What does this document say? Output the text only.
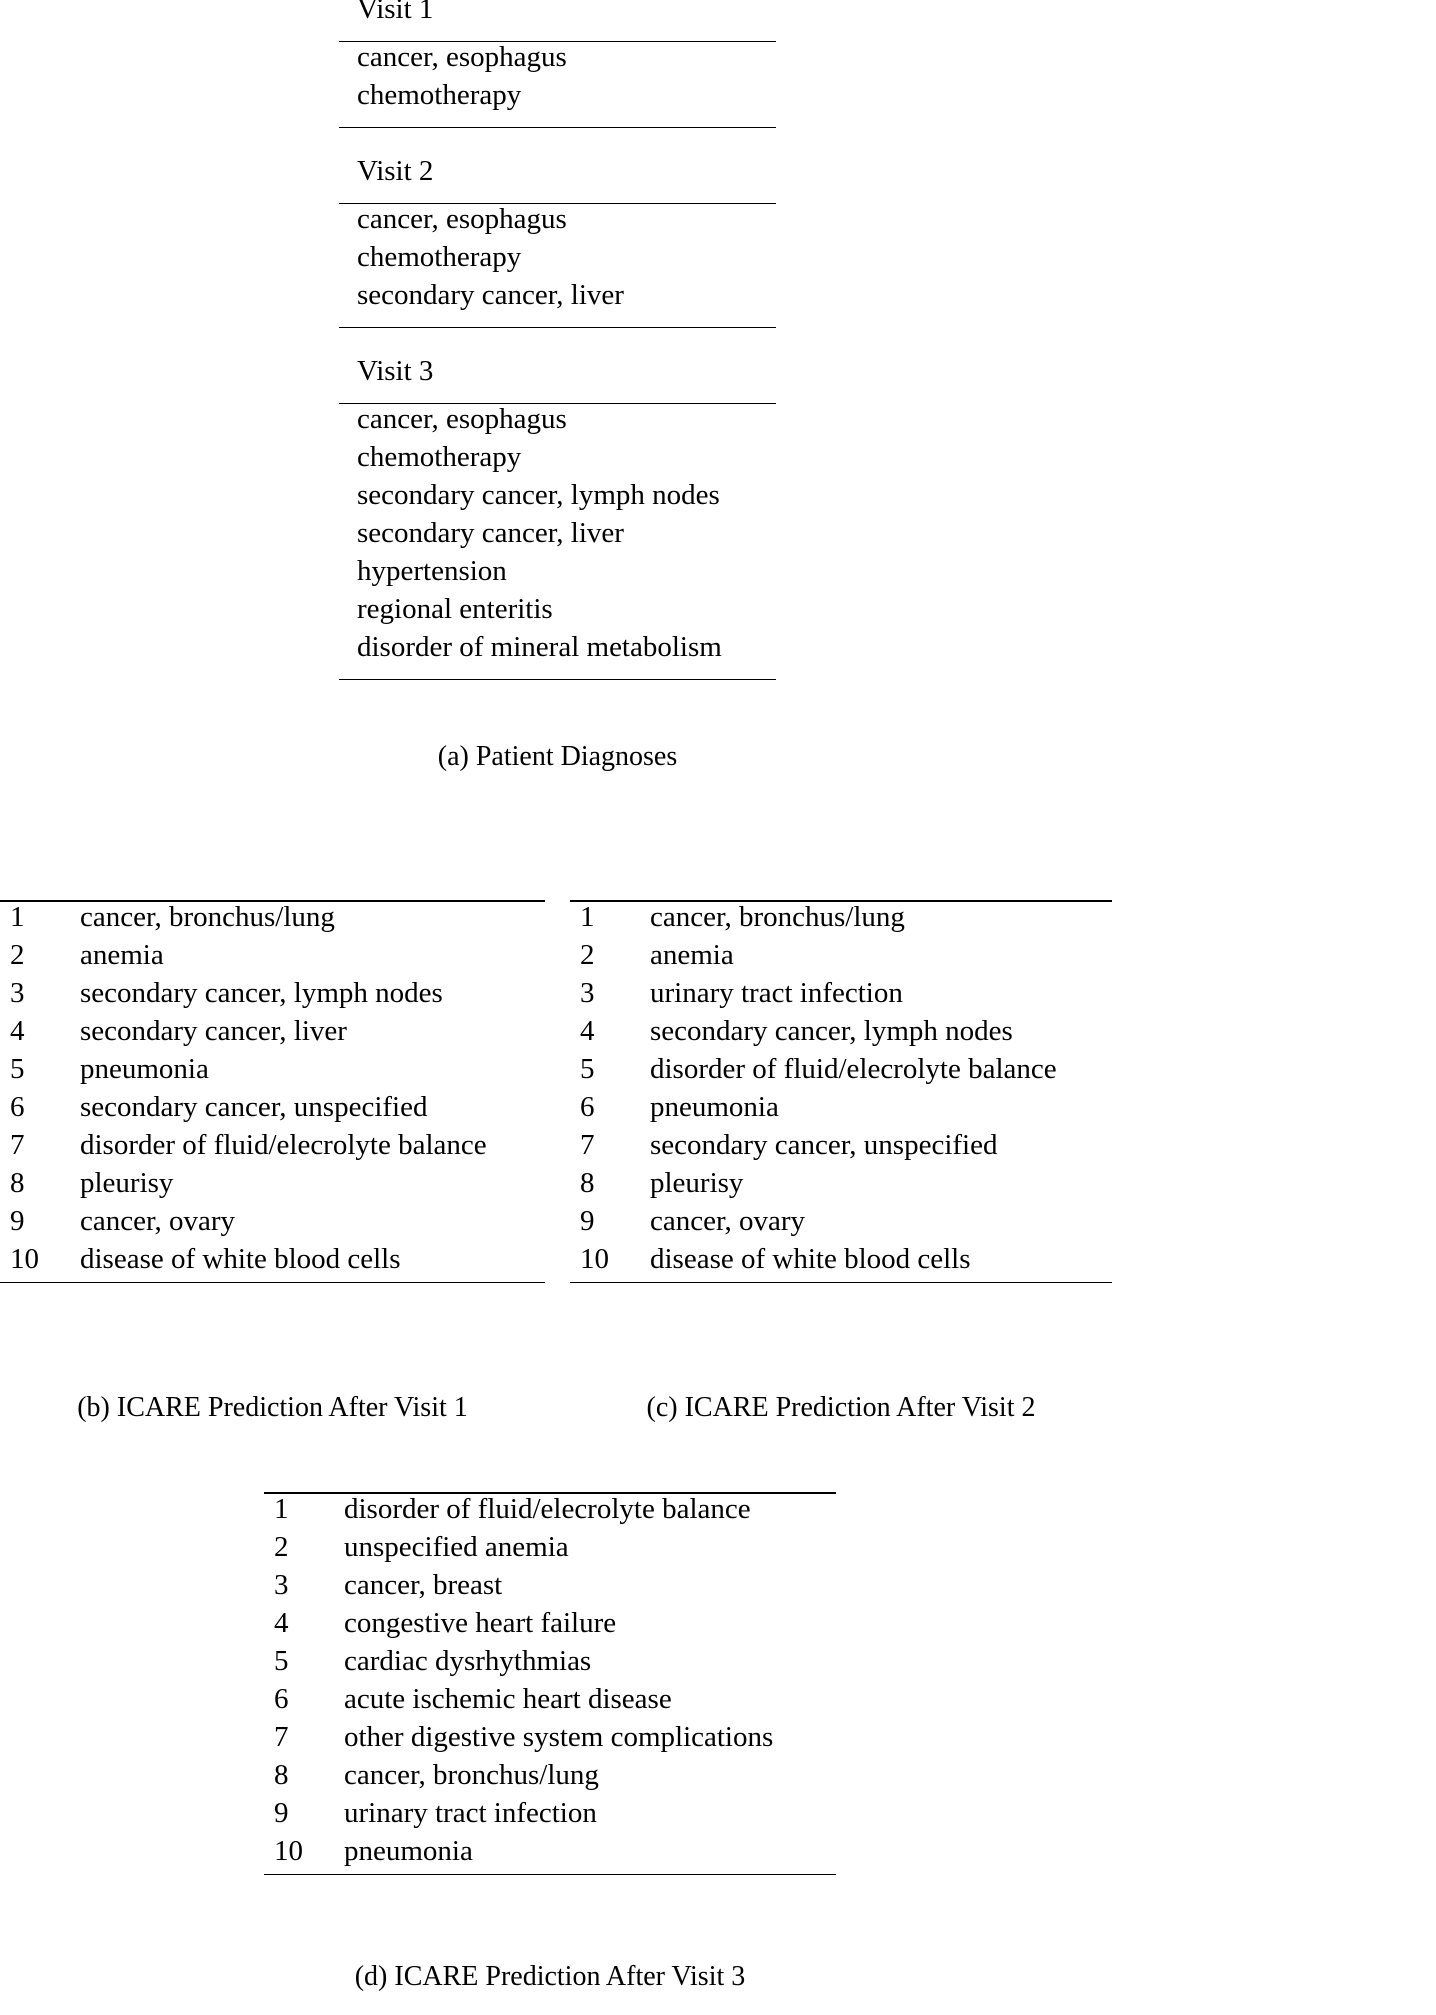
Visit 1

cancer, esophagus
chemotherapy

Visit 2

cancer, esophagus
chemotherapy
secondary cancer, liver

Visit 3

cancer, esophagus
chemotherapy
secondary cancer, lymph nodes
secondary cancer, liver
hypertension
regional enteritis
disorder of mineral metabolism

(a) Patient Diagnoses

1	cancer, bronchus/lung
2	anemia
3	secondary cancer, lymph nodes
4	secondary cancer, liver
5	pneumonia
6	secondary cancer, unspecified
7	disorder of fluid/elecrolyte balance
8	pleurisy
9	cancer, ovary
10	disease of white blood cells

(b) ICARE Prediction After Visit 1

1	cancer, bronchus/lung
2	anemia
3	urinary tract infection
4	secondary cancer, lymph nodes
5	disorder of fluid/elecrolyte balance
6	pneumonia
7	secondary cancer, unspecified
8	pleurisy
9	cancer, ovary
10	disease of white blood cells

(c) ICARE Prediction After Visit 2

1	disorder of fluid/elecrolyte balance
2	unspecified anemia
3	cancer, breast
4	congestive heart failure
5	cardiac dysrhythmias
6	acute ischemic heart disease
7	other digestive system complications
8	cancer, bronchus/lung
9	urinary tract infection
10	pneumonia

(d) ICARE Prediction After Visit 3
